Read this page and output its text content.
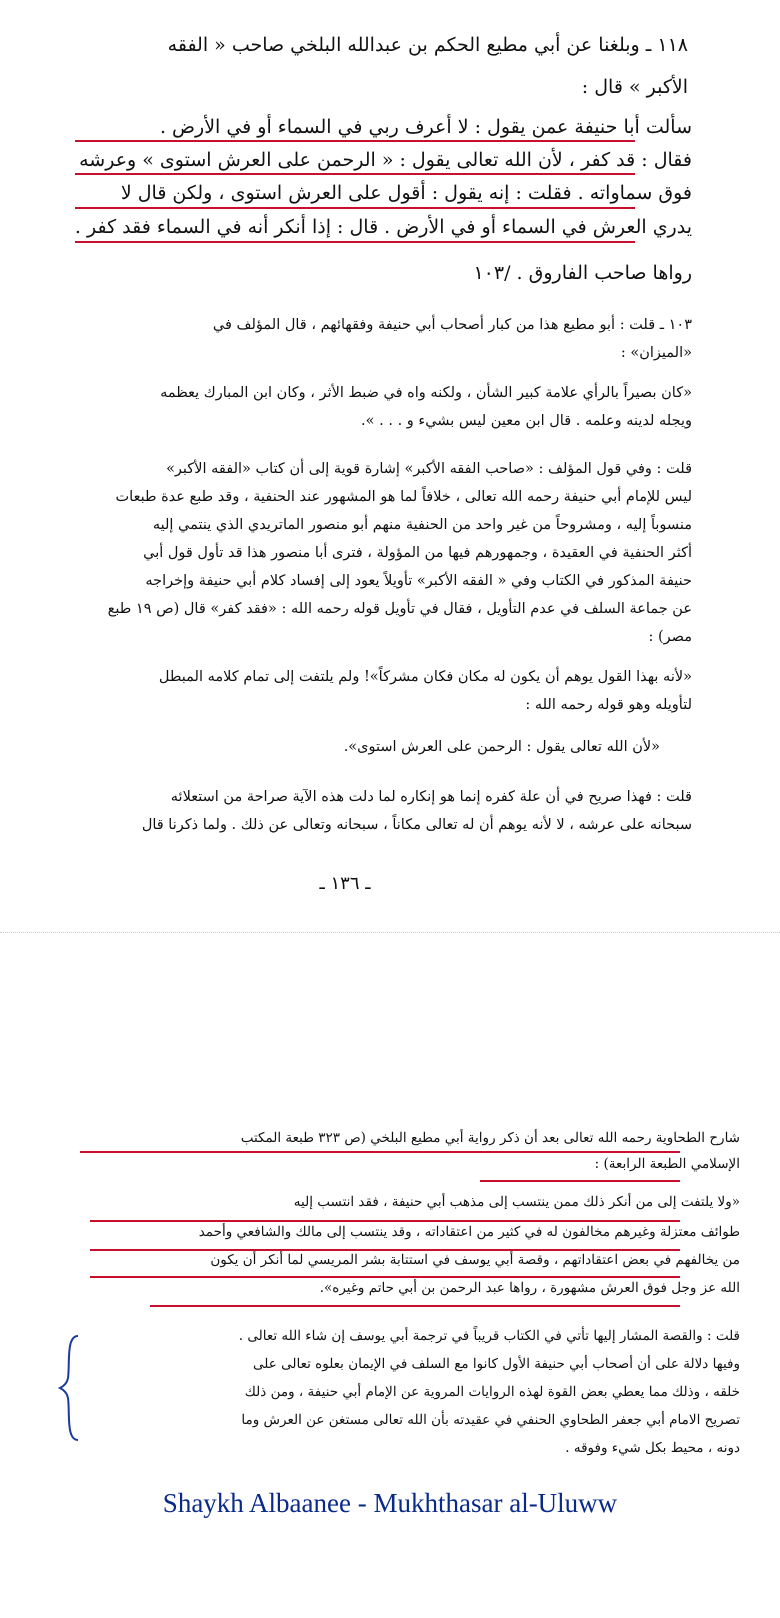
١١٨ ـ وبلغنا عن أبي مطيع الحكم بن عبدالله البلخي صاحب « الفقه

الأكبر » قال :

سألت أبا حنيفة عمن يقول : لا أعرف ربي في السماء أو في الأرض .

فقال : قد كفر ، لأن الله تعالى يقول : « الرحمن على العرش استوى » وعرشه

فوق سماواته . فقلت : إنه يقول : أقول على العرش استوى ، ولكن قال لا

يدري العرش في السماء أو في الأرض . قال : إذا أنكر أنه في السماء فقد كفر .

رواها صاحب الفاروق . /١٠٣

١٠٣ ـ قلت : أبو مطيع هذا من كبار أصحاب أبي حنيفة وفقهائهم ، قال المؤلف في

«الميزان» :

«كان بصيراً بالرأي علامة كبير الشأن ، ولكنه واه في ضبط الأثر ، وكان ابن المبارك يعظمه

ويجله لدينه وعلمه . قال ابن معين ليس بشيء و . . . ».

قلت : وفي قول المؤلف : «صاحب الفقه الأكبر» إشارة قوية إلى أن كتاب «الفقه الأكبر»

ليس للإمام أبي حنيفة رحمه الله تعالى ، خلافاً لما هو المشهور عند الحنفية ، وقد طبع عدة طبعات

منسوباً إليه ، ومشروحاً من غير واحد من الحنفية منهم أبو منصور الماتريدي الذي ينتمي إليه

أكثر الحنفية في العقيدة ، وجمهورهم فيها من المؤولة ، فترى أبا منصور هذا قد تأول قول أبي

حنيفة المذكور في الكتاب وفي « الفقه الأكبر» تأويلاً يعود إلى إفساد كلام أبي حنيفة وإخراجه

عن جماعة السلف في عدم التأويل ، فقال في تأويل قوله رحمه الله : «فقد كفر» قال (ص ١٩ طبع

مصر) :

«لأنه بهذا القول يوهم أن يكون له مكان فكان مشركاً»! ولم يلتفت إلى تمام كلامه المبطل

لتأويله وهو قوله رحمه الله :

«لأن الله تعالى يقول : الرحمن على العرش استوى».

قلت : فهذا صريح في أن علة كفره إنما هو إنكاره لما دلت هذه الآية صراحة من استعلائه

سبحانه على عرشه ، لا لأنه يوهم أن له تعالى مكاناً ، سبحانه وتعالى عن ذلك . ولما ذكرنا قال

ـ ١٣٦ ـ

شارح الطحاوية رحمه الله تعالى بعد أن ذكر رواية أبي مطيع البلخي (ص ٣٢٣ طبعة المكتب

الإسلامي الطبعة الرابعة) :

«ولا يلتفت إلى من أنكر ذلك ممن ينتسب إلى مذهب أبي حنيفة ، فقد انتسب إليه

طوائف معتزلة وغيرهم مخالفون له في كثير من اعتقاداته ، وقد ينتسب إلى مالك والشافعي وأحمد

من يخالفهم في بعض اعتقاداتهم ، وقصة أبي يوسف في استتابة بشر المريسي لما أنكر أن يكون

الله عز وجل فوق العرش مشهورة ، رواها عبد الرحمن بن أبي حاتم وغيره».

قلت : والقصة المشار إليها تأتي في الكتاب قريباً في ترجمة أبي يوسف إن شاء الله تعالى .

وفيها دلالة على أن أصحاب أبي حنيفة الأول كانوا مع السلف في الإيمان بعلوه تعالى على

خلقه ، وذلك مما يعطي بعض القوة لهذه الروايات المروية عن الإمام أبي حنيفة ، ومن ذلك

تصريح الامام أبي جعفر الطحاوي الحنفي في عقيدته بأن الله تعالى مستغن عن العرش وما

دونه ، محيط بكل شيء وفوقه .

Shaykh Albaanee - Mukhthasar al-Uluww
